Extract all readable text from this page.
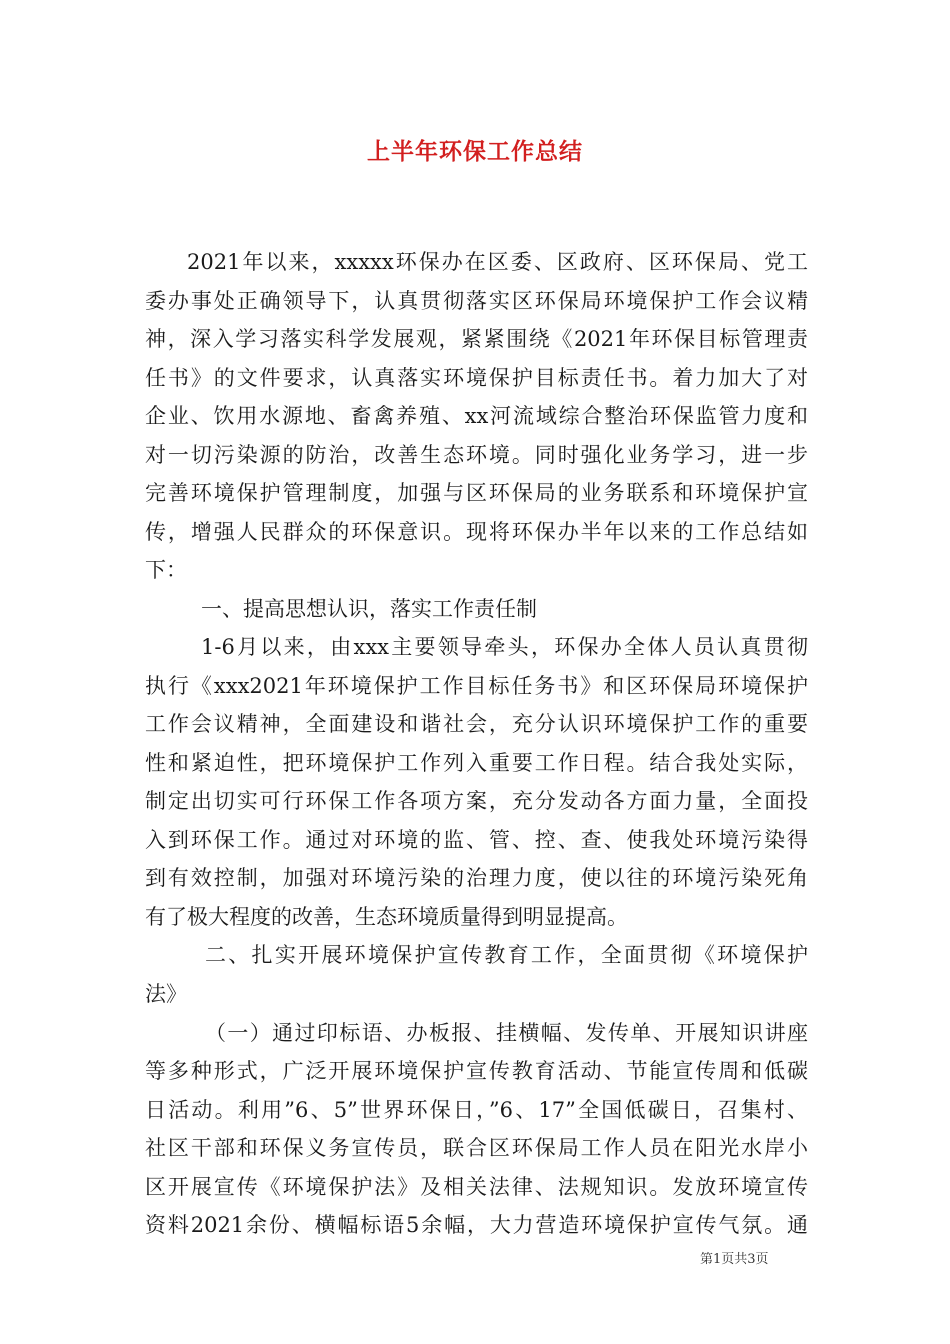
上半年环保工作总结
2021年以来，xxxxx环保办在区委、区政府、区环保局、党工
委办事处正确领导下，认真贯彻落实区环保局环境保护工作会议精
神，深入学习落实科学发展观，紧紧围绕《2021年环保目标管理责
任书》的文件要求，认真落实环境保护目标责任书。着力加大了对
企业、饮用水源地、畜禽养殖、xx河流域综合整治环保监管力度和
对一切污染源的防治，改善生态环境。同时强化业务学习，进一步
完善环境保护管理制度，加强与区环保局的业务联系和环境保护宣
传，增强人民群众的环保意识。现将环保办半年以来的工作总结如
下：
一、提高思想认识，落实工作责任制
1-6月以来，由xxx主要领导牵头，环保办全体人员认真贯彻
执行《xxx2021年环境保护工作目标任务书》和区环保局环境保护
工作会议精神，全面建设和谐社会，充分认识环境保护工作的重要
性和紧迫性，把环境保护工作列入重要工作日程。结合我处实际，
制定出切实可行环保工作各项方案，充分发动各方面力量，全面投
入到环保工作。通过对环境的监、管、控、查、使我处环境污染得
到有效控制，加强对环境污染的治理力度，使以往的环境污染死角
有了极大程度的改善，生态环境质量得到明显提高。
二、扎实开展环境保护宣传教育工作，全面贯彻《环境保护
法》
（一）通过印标语、办板报、挂横幅、发传单、开展知识讲座
等多种形式，广泛开展环境保护宣传教育活动、节能宣传周和低碳
日活动。利用”6、5”世界环保日，”6、17”全国低碳日，召集村、
社区干部和环保义务宣传员，联合区环保局工作人员在阳光水岸小
区开展宣传《环境保护法》及相关法律、法规知识。发放环境宣传
资料2021余份、横幅标语5余幅，大力营造环境保护宣传气氛。通
第1页共3页
